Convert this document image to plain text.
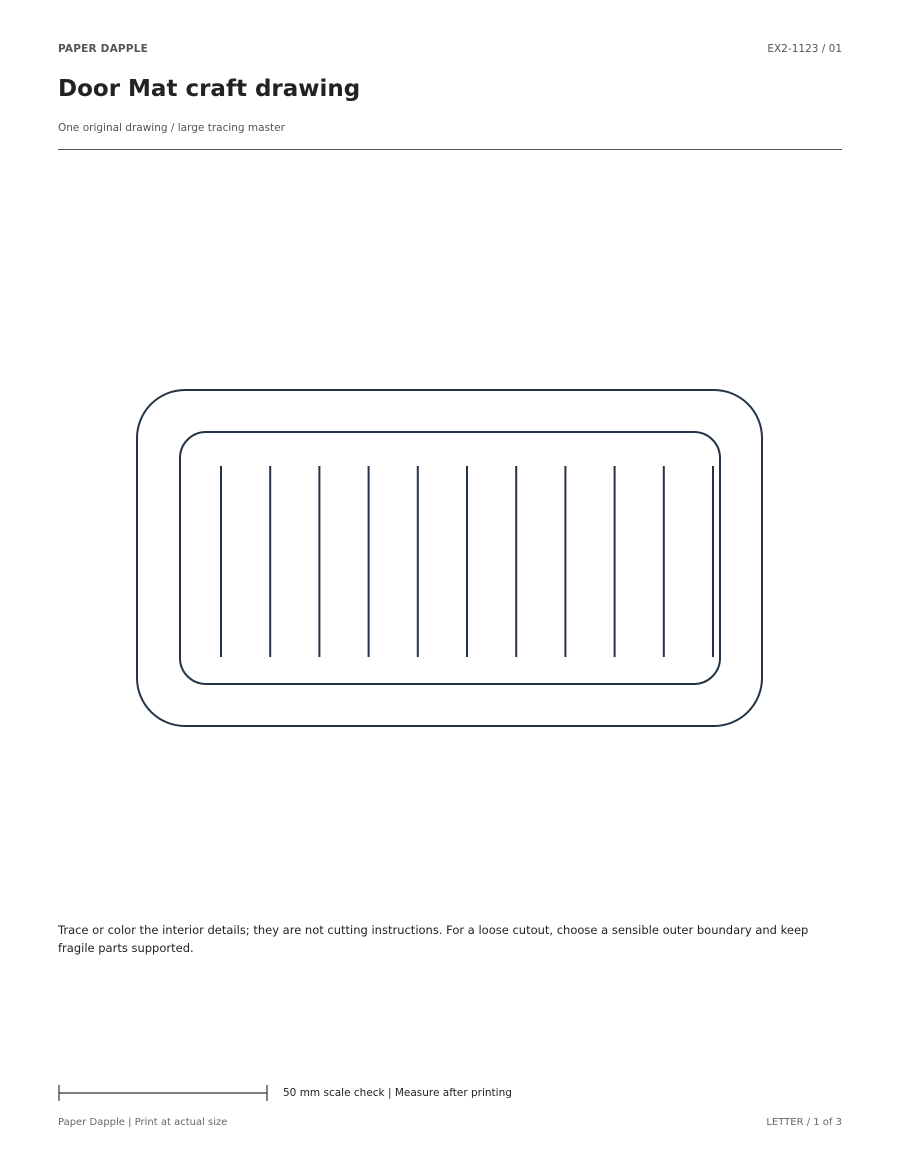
PAPER DAPPLE	EX2-1123 / 01
Door Mat craft drawing
One original drawing / large tracing master
Trace or color the interior details; they are not cutting instructions. For a loose cutout, choose a sensible outer boundary and keep fragile parts supported.
50 mm scale check | Measure after printing
Paper Dapple | Print at actual size	LETTER / 1 of 3
